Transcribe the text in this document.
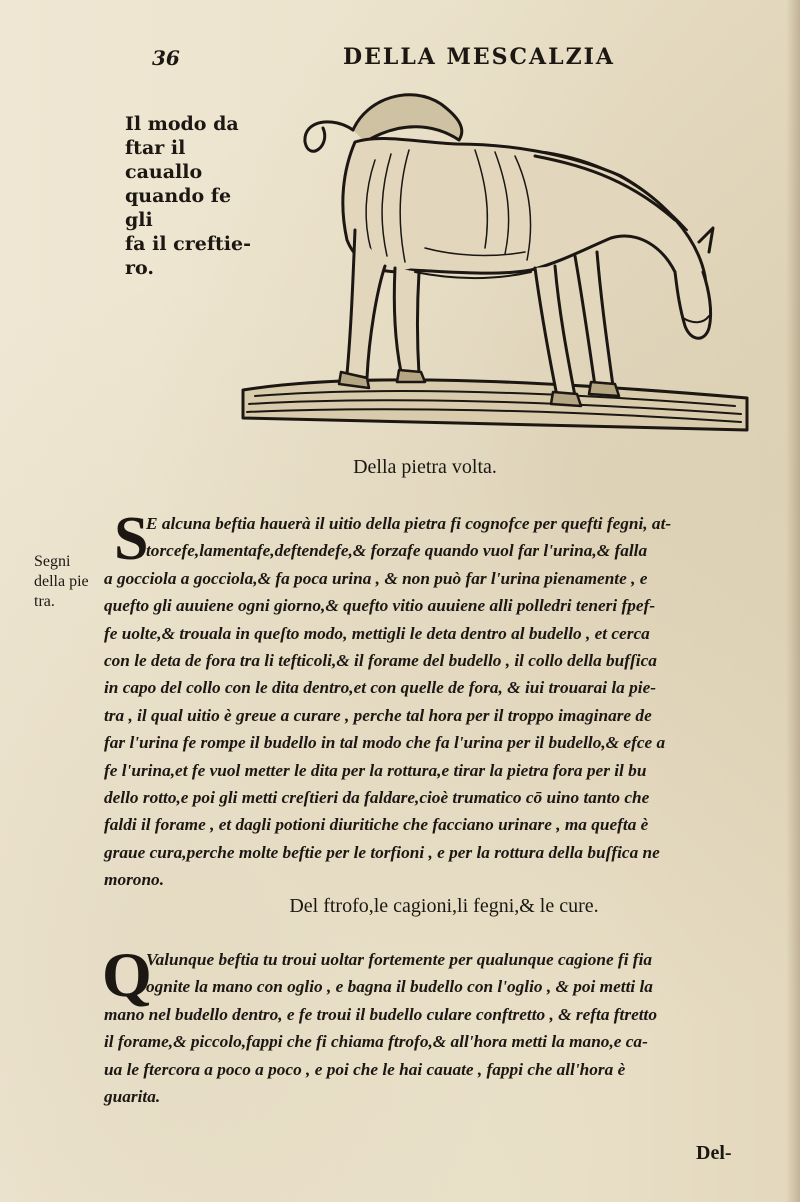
36	DELLA MESCALZIA
Il modo da
ftar il cauallo
quando fe gli
fa il creftie-
ro.
Della pietra volta.
Segni
della pie
tra.
S
E alcuna beftia hauerà il uitio della pietra fi cognofce per quefti fegni, at-
torcefe,lamentafe,deftendefe,& forzafe quando vuol far l'urina,& falla
a gocciola a gocciola,& fa poca urina , & non può far l'urina pienamente , e
quefto gli auuiene ogni giorno,& quefto vitio auuiene alli polledri teneri fpef-
fe uolte,& trouala in queſto modo, mettigli le deta dentro al budello , et cerca
con le deta de fora tra li tefticoli,& il forame del budello , il collo della bufſica
in capo del collo con le dita dentro,et con quelle de fora, & iui trouarai la pie-
tra , il qual uitio è greue a curare , perche tal hora per il troppo imaginare de
far l'urina fe rompe il budello in tal modo che fa l'urina per il budello,& efce a
fe l'urina,et fe vuol metter le dita per la rottura,e tirar la pietra fora per il bu
dello rotto,e poi gli metti creſtieri da faldare,cioè trumatico cō uino tanto che
faldi il forame , et dagli potioni diuritiche che facciano urinare , ma quefta è
graue cura,perche molte beftie per le torfioni , e per la rottura della buſfica ne
morono.
Del ftrofo,le cagioni,li fegni,& le cure.
Q
Valunque beftia tu troui uoltar fortemente per qualunque cagione fi fia
ognite la mano con oglio , e bagna il budello con l'oglio , & poi metti la
mano nel budello dentro, e fe troui il budello culare conftretto , & refta ftretto
il forame,& piccolo,fappi che fi chiama ftrofo,& all'hora metti la mano,e ca-
ua le ftercora a poco a poco , e poi che le hai cauate , fappi che all'hora è
guarita.
Del-
